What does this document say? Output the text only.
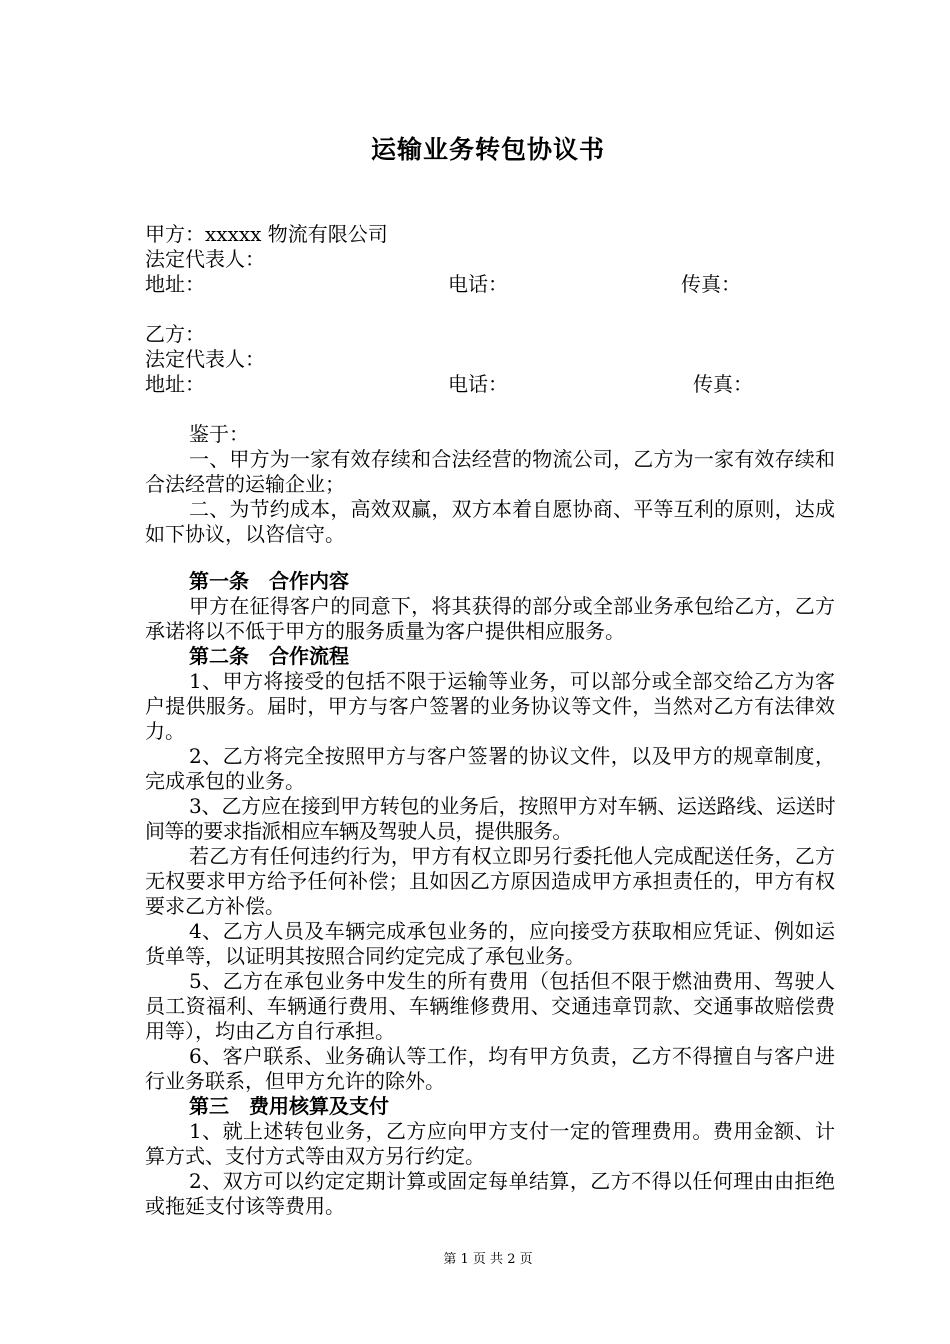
运输业务转包协议书
甲方：xxxxx 物流有限公司
法定代表人：
地址：	电话：	传真：
乙方：
法定代表人：
地址：	电话：	传真：
鉴于：
一、甲方为一家有效存续和合法经营的物流公司，乙方为一家有效存续和合法经营的运输企业；
二、为节约成本，高效双赢，双方本着自愿协商、平等互利的原则，达成如下协议，以咨信守。
第一条　合作内容
甲方在征得客户的同意下，将其获得的部分或全部业务承包给乙方，乙方承诺将以不低于甲方的服务质量为客户提供相应服务。
第二条　合作流程
1、甲方将接受的包括不限于运输等业务，可以部分或全部交给乙方为客户提供服务。届时，甲方与客户签署的业务协议等文件，当然对乙方有法律效力。
2、乙方将完全按照甲方与客户签署的协议文件，以及甲方的规章制度，完成承包的业务。
3、乙方应在接到甲方转包的业务后，按照甲方对车辆、运送路线、运送时间等的要求指派相应车辆及驾驶人员，提供服务。
若乙方有任何违约行为，甲方有权立即另行委托他人完成配送任务，乙方无权要求甲方给予任何补偿；且如因乙方原因造成甲方承担责任的，甲方有权要求乙方补偿。
4、乙方人员及车辆完成承包业务的，应向接受方获取相应凭证、例如运货单等，以证明其按照合同约定完成了承包业务。
5、乙方在承包业务中发生的所有费用（包括但不限于燃油费用、驾驶人员工资福利、车辆通行费用、车辆维修费用、交通违章罚款、交通事故赔偿费用等），均由乙方自行承担。
6、客户联系、业务确认等工作，均有甲方负责，乙方不得擅自与客户进行业务联系，但甲方允许的除外。
第三　费用核算及支付
1、就上述转包业务，乙方应向甲方支付一定的管理费用。费用金额、计算方式、支付方式等由双方另行约定。
2、双方可以约定定期计算或固定每单结算，乙方不得以任何理由由拒绝或拖延支付该等费用。
第 1 页 共 2 页
